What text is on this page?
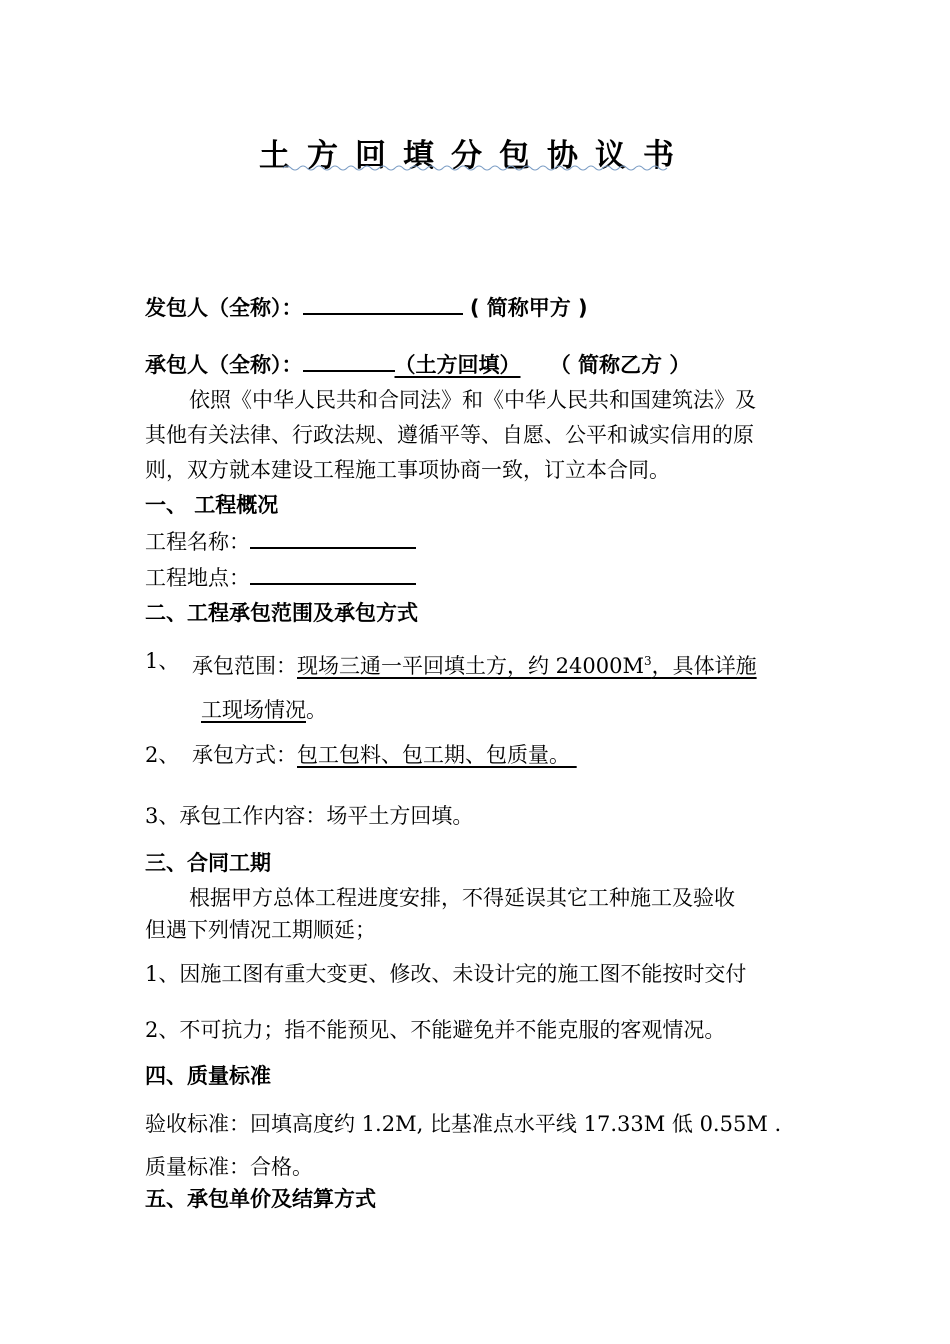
土方回填分包协议书
发包人（全称）：	( 简称甲方 )
承包人（全称）：	（土方回填） （ 简称乙方 ）
依照《中华人民共和合同法》和《中华人民共和国建筑法》及
其他有关法律、行政法规、遵循平等、自愿、公平和诚实信用的原
则，双方就本建设工程施工事项协商一致，订立本合同。
一、 工程概况
工程名称：
工程地点：
二、工程承包范围及承包方式
1、 承包范围：现场三通一平回填土方，约 $24000M^3$，具体详施
工现场情况。
2、 承包方式：包工包料、包工期、包质量。
3、承包工作内容：场平土方回填。
三、合同工期
根据甲方总体工程进度安排，不得延误其它工种施工及验收
但遇下列情况工期顺延；
1、因施工图有重大变更、修改、未设计完的施工图不能按时交付
2、不可抗力；指不能预见、不能避免并不能克服的客观情况。
四、质量标准
验收标准：回填高度约 1.2M, 比基准点水平线 17.33M 低 0.55M .
质量标准：合格。
五、承包单价及结算方式
